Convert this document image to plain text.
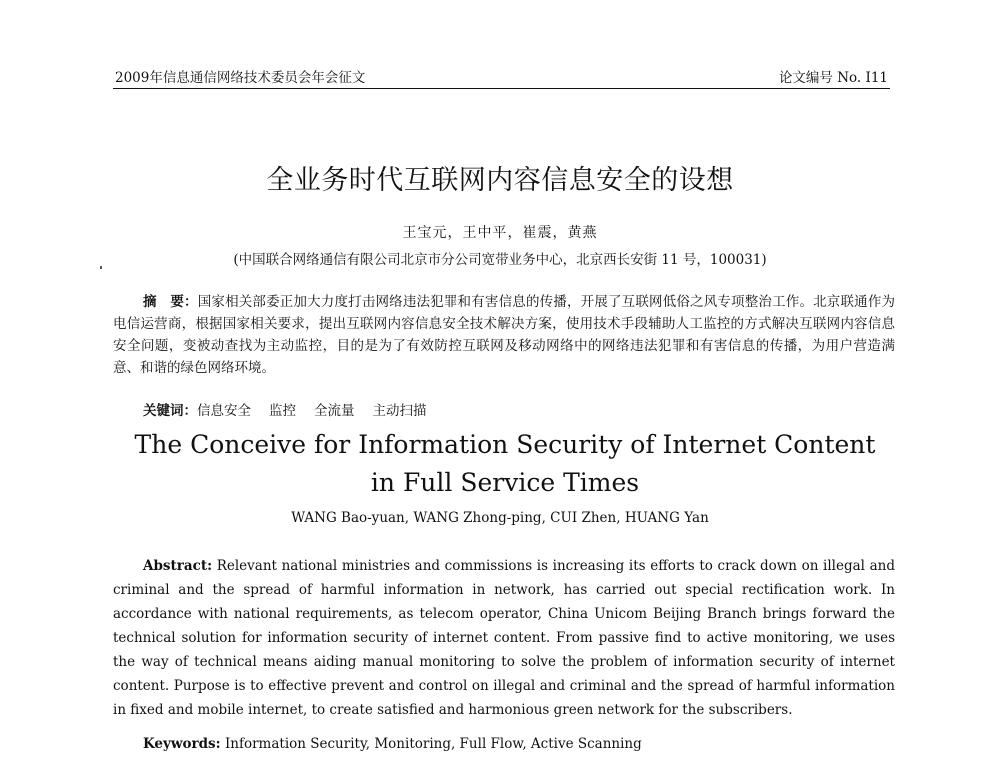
2009年信息通信网络技术委员会年会征文	论文编号 No. I11
全业务时代互联网内容信息安全的设想
王宝元，王中平，崔震，黄燕
(中国联合网络通信有限公司北京市分公司宽带业务中心，北京西长安街 11 号，100031)
摘　要：国家相关部委正加大力度打击网络违法犯罪和有害信息的传播，开展了互联网低俗之风专项整治工作。北京联通作为电信运营商，根据国家相关要求，提出互联网内容信息安全技术解决方案，使用技术手段辅助人工监控的方式解决互联网内容信息安全问题，变被动查找为主动监控，目的是为了有效防控互联网及移动网络中的网络违法犯罪和有害信息的传播，为用户营造满意、和谐的绿色网络环境。
关键词：信息安全 监控 全流量 主动扫描
The Conceive for Information Security of Internet Content in Full Service Times
WANG Bao-yuan, WANG Zhong-ping, CUI Zhen, HUANG Yan
Abstract: Relevant national ministries and commissions is increasing its efforts to crack down on illegal and criminal and the spread of harmful information in network, has carried out special rectification work. In accordance with national requirements, as telecom operator, China Unicom Beijing Branch brings forward the technical solution for information security of internet content. From passive find to active monitoring, we uses the way of technical means aiding manual monitoring to solve the problem of information security of internet content. Purpose is to effective prevent and control on illegal and criminal and the spread of harmful information in fixed and mobile internet, to create satisfied and harmonious green network for the subscribers.
Keywords: Information Security, Monitoring, Full Flow, Active Scanning
